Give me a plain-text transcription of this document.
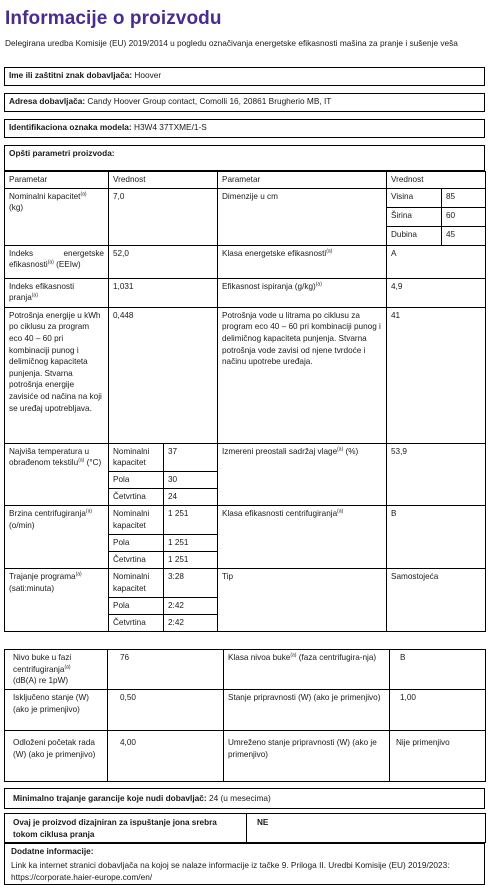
Informacije o proizvodu
Delegirana uredba Komisije (EU) 2019/2014 u pogledu označivanja energetske efikasnosti mašina za pranje i sušenje veša
Ime ili zaštitni znak dobavljača: Hoover
Adresa dobavljača: Candy Hoover Group contact, Comolli 16, 20861 Brugherio MB, IT
Identifikaciona oznaka modela: H3W4 37TXME/1-S
Opšti parametri proizvoda:
Parametar	Vrednost		Parametar	Vrednost	
Nominalni kapacitet$^{(a)}$
(kg)	7,0		Dimenzije u cm	Visina	85
				Širina	60
				Dubina	45
Indeks energetske efikasnosti$^{(a)}$ (EEIw)	52,0		Klasa energetske efikasnosti$^{(a)}$	A	
Indeks efikasnosti pranja$^{(a)}$	1,031		Efikasnost ispiranja $(g/kg)^{(a)}$	4,9	
Potrošnja energije u kWh po ciklusu za program eco 40 – 60 pri kombinaciji punog i delimičnog kapaciteta punjenja. Stvarna potrošnja energije zavisiće od načina na koji se uređaj upotrebljava.	0,448		Potrošnja vode u litrama po ciklusu za program eco 40 – 60 pri kombinaciji punog i delimičnog kapaciteta punjenja. Stvarna potrošnja vode zavisi od njene tvrdoće i načinu upotrebe uređaja.	41	
Najviša temperatura u obrađenom tekstilu$^{(a)}$ (°C)	Nominalni kapacitet	37	Izmereni preostali sadržaj vlage$^{(a)}$ (%)	53,9	
	Pola	30			
	Četvrtina	24			
Brzina centrifugiranja$^{(a)}$
(o/min)	Nominalni kapacitet	1 251	Klasa efikasnosti centrifugiranja$^{(a)}$	B	
	Pola	1 251			
	Četvrtina	1 251			
Trajanje programa$^{(a)}$
(sati:minuta)	Nominalni kapacitet	3:28	Tip	Samostojeća	
	Pola	2:42			
	Četvrtina	2:42			
Nivo buke u fazi centrifugiranja$^{(a)}$
(dB(A) re 1pW)	76	Klasa nivoa buke$^{(a)}$ (faza centrifugira-nja)	B
Isključeno stanje (W) (ako je primenjivo)	0,50	Stanje pripravnosti (W) (ako je primenjivo)	1,00
Odloženi početak rada (W) (ako je primenjivo)	4,00	Umreženo stanje pripravnosti (W) (ako je primenjivo)	Nije primenjivo
Minimalno trajanje garancije koje nudi dobavljač: 24 (u mesecima)
Ovaj je proizvod dizajniran za ispuštanje jona srebra tokom ciklusa pranja	NE
Dodatne informacije:
Link ka internet stranici dobavljača na kojoj se nalaze informacije iz tačke 9. Priloga II. Uredbi Komisije (EU) 2019/2023: https://corporate.haier-europe.com/en/
